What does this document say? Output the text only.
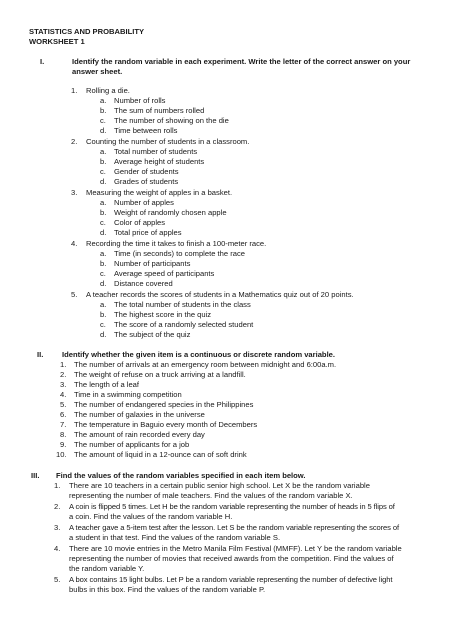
STATISTICS AND PROBABILITY
WORKSHEET 1
I.	Identify the random variable in each experiment. Write the letter of the correct answer on your
answer sheet.
1. Rolling a die.
a. Number of rolls
b. The sum of numbers rolled
c. The number of showing on the die
d. Time between rolls
2. Counting the number of students in a classroom.
a. Total number of students
b. Average height of students
c. Gender of students
d. Grades of students
3. Measuring the weight of apples in a basket.
a. Number of apples
b. Weight of randomly chosen apple
c. Color of apples
d. Total price of apples
4. Recording the time it takes to finish a 100-meter race.
a. Time (in seconds) to complete the race
b. Number of participants
c. Average speed of participants
d. Distance covered
5. A teacher records the scores of students in a Mathematics quiz out of 20 points.
a. The total number of students in the class
b. The highest score in the quiz
c. The score of a randomly selected student
d. The subject of the quiz
II. Identify whether the given item is a continuous or discrete random variable.
1. The number of arrivals at an emergency room between midnight and 6:00a.m.
2. The weight of refuse on a truck arriving at a landfill.
3. The length of a leaf
4. Time in a swimming competition
5. The number of endangered species in the Philippines
6. The number of galaxies in the universe
7. The temperature in Baguio every month of Decembers
8. The amount of rain recorded every day
9. The number of applicants for a job
10. The amount of liquid in a 12-ounce can of soft drink
III. Find the values of the random variables specified in each item below.
1. There are 10 teachers in a certain public senior high school. Let X be the random variable
representing the number of male teachers. Find the values of the random variable X.
2. A coin is flipped 5 times. Let H be the random variable representing the number of heads in 5 flips of
a coin. Find the values of the random variable H.
3. A teacher gave a 5-item test after the lesson. Let S be the random variable representing the scores of
a student in that test. Find the values of the random variable S.
4. There are 10 movie entries in the Metro Manila Film Festival (MMFF). Let Y be the random variable
representing the number of movies that received awards from the competition. Find the values of
the random variable Y.
5. A box contains 15 light bulbs. Let P be a random variable representing the number of defective light
bulbs in this box. Find the values of the random variable P.
